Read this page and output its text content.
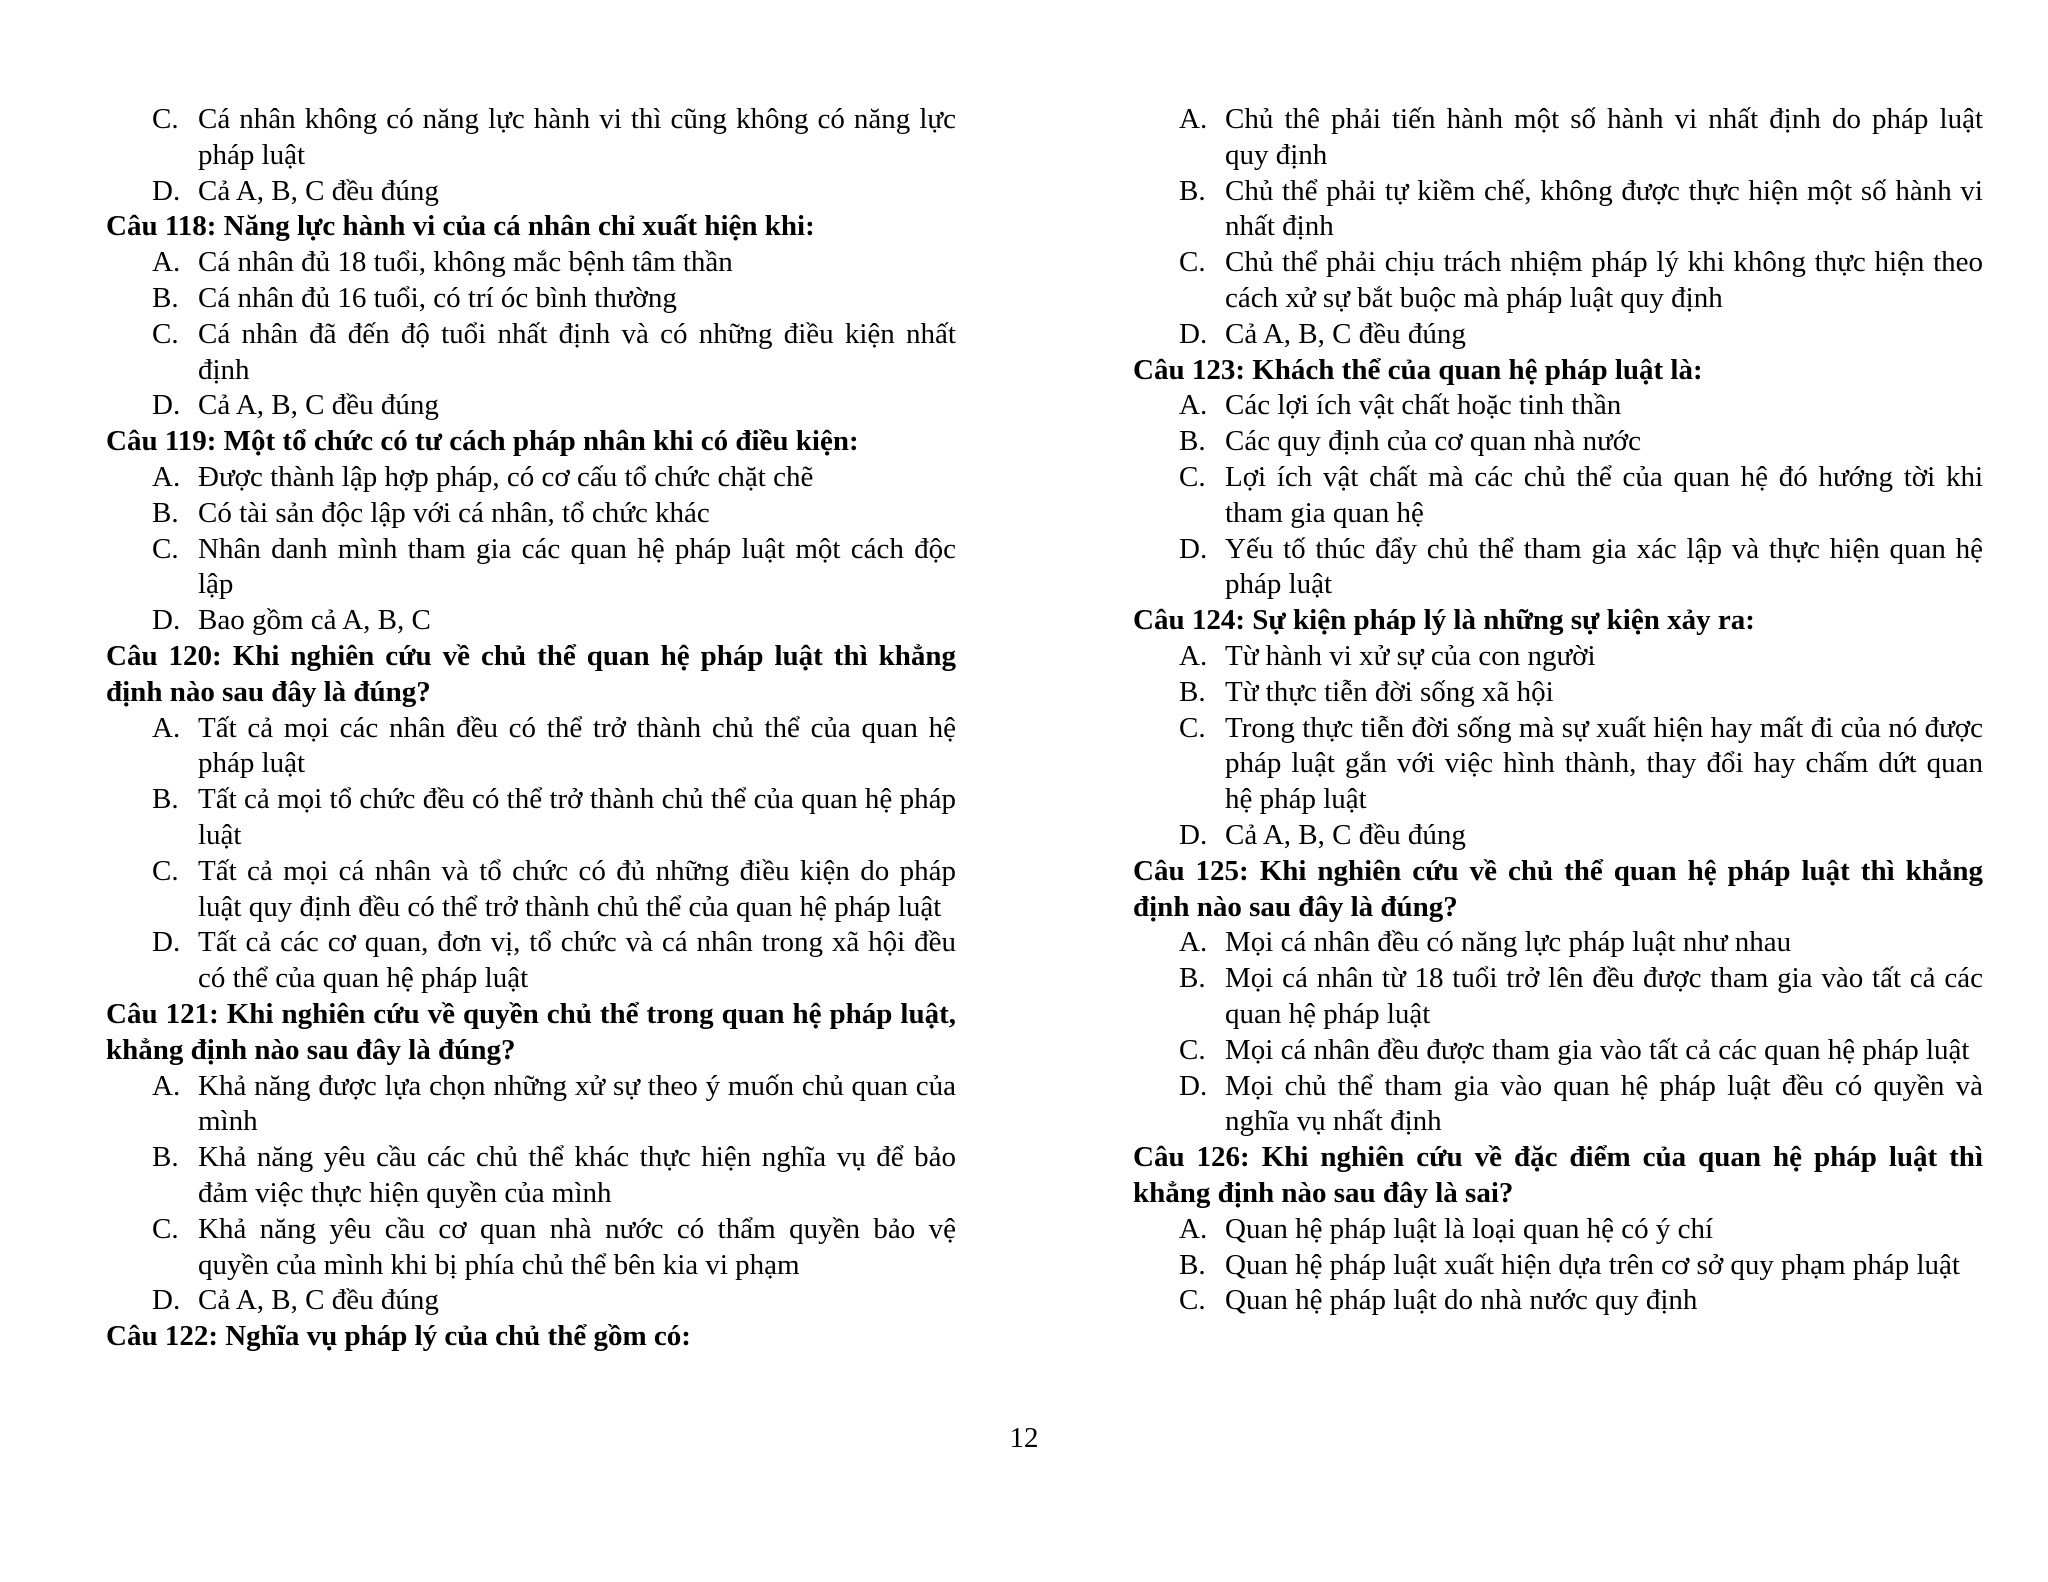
C. Cá nhân không có năng lực hành vi thì cũng không có năng lực pháp luật
D. Cả A, B, C đều đúng

Câu 118: Năng lực hành vi của cá nhân chỉ xuất hiện khi:

A. Cá nhân đủ 18 tuổi, không mắc bệnh tâm thần
B. Cá nhân đủ 16 tuổi, có trí óc bình thường
C. Cá nhân đã đến độ tuổi nhất định và có những điều kiện nhất định
D. Cả A, B, C đều đúng

Câu 119: Một tổ chức có tư cách pháp nhân khi có điều kiện:

A. Được thành lập hợp pháp, có cơ cấu tổ chức chặt chẽ
B. Có tài sản độc lập với cá nhân, tổ chức khác
C. Nhân danh mình tham gia các quan hệ pháp luật một cách độc lập
D. Bao gồm cả A, B, C

Câu 120: Khi nghiên cứu về chủ thể quan hệ pháp luật thì khẳng định nào sau đây là đúng?

A. Tất cả mọi các nhân đều có thể trở thành chủ thể của quan hệ pháp luật
B. Tất cả mọi tổ chức đều có thể trở thành chủ thể của quan hệ pháp luật
C. Tất cả mọi cá nhân và tổ chức có đủ những điều kiện do pháp luật quy định đều có thể trở thành chủ thể của quan hệ pháp luật
D. Tất cả các cơ quan, đơn vị, tổ chức và cá nhân trong xã hội đều có thể của quan hệ pháp luật

Câu 121: Khi nghiên cứu về quyền chủ thể trong quan hệ pháp luật, khẳng định nào sau đây là đúng?

A. Khả năng được lựa chọn những xử sự theo ý muốn chủ quan của mình
B. Khả năng yêu cầu các chủ thể khác thực hiện nghĩa vụ để bảo đảm việc thực hiện quyền của mình
C. Khả năng yêu cầu cơ quan nhà nước có thẩm quyền bảo vệ quyền của mình khi bị phía chủ thể bên kia vi phạm
D. Cả A, B, C đều đúng

Câu 122: Nghĩa vụ pháp lý của chủ thể gồm có:

A. Chủ thê phải tiến hành một số hành vi nhất định do pháp luật quy định
B. Chủ thể phải tự kiềm chế, không được thực hiện một số hành vi nhất định
C. Chủ thể phải chịu trách nhiệm pháp lý khi không thực hiện theo cách xử sự bắt buộc mà pháp luật quy định
D. Cả A, B, C đều đúng

Câu 123: Khách thể của quan hệ pháp luật là:

A. Các lợi ích vật chất hoặc tinh thần
B. Các quy định của cơ quan nhà nước
C. Lợi ích vật chất mà các chủ thể của quan hệ đó hướng tời khi tham gia quan hệ
D. Yếu tố thúc đẩy chủ thể tham gia xác lập và thực hiện quan hệ pháp luật

Câu 124: Sự kiện pháp lý là những sự kiện xảy ra:

A. Từ hành vi xử sự của con người
B. Từ thực tiễn đời sống xã hội
C. Trong thực tiễn đời sống mà sự xuất hiện hay mất đi của nó được pháp luật gắn với việc hình thành, thay đổi hay chấm dứt quan hệ pháp luật
D. Cả A, B, C đều đúng

Câu 125: Khi nghiên cứu về chủ thể quan hệ pháp luật thì khẳng định nào sau đây là đúng?

A. Mọi cá nhân đều có năng lực pháp luật như nhau
B. Mọi cá nhân từ 18 tuổi trở lên đều được tham gia vào tất cả các quan hệ pháp luật
C. Mọi cá nhân đều được tham gia vào tất cả các quan hệ pháp luật
D. Mọi chủ thể tham gia vào quan hệ pháp luật đều có quyền và nghĩa vụ nhất định

Câu 126: Khi nghiên cứu về đặc điểm của quan hệ pháp luật thì khẳng định nào sau đây là sai?

A. Quan hệ pháp luật là loại quan hệ có ý chí
B. Quan hệ pháp luật xuất hiện dựa trên cơ sở quy phạm pháp luật
C. Quan hệ pháp luật do nhà nước quy định
12
